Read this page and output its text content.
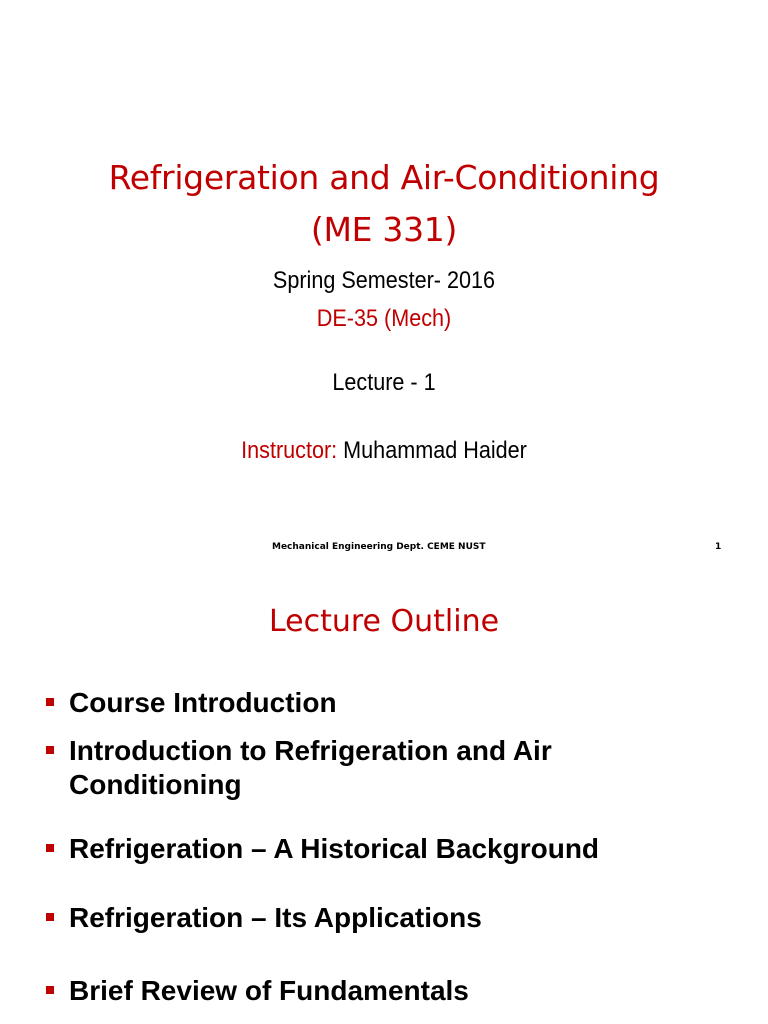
Refrigeration and Air-Conditioning
(ME 331)
Spring Semester- 2016
DE-35 (Mech)
Lecture - 1
Instructor: Muhammad Haider
Mechanical Engineering Dept. CEME NUST	1
Lecture Outline
Course Introduction
Introduction to Refrigeration and Air Conditioning
Refrigeration – A Historical Background
Refrigeration – Its Applications
Brief Review of Fundamentals
